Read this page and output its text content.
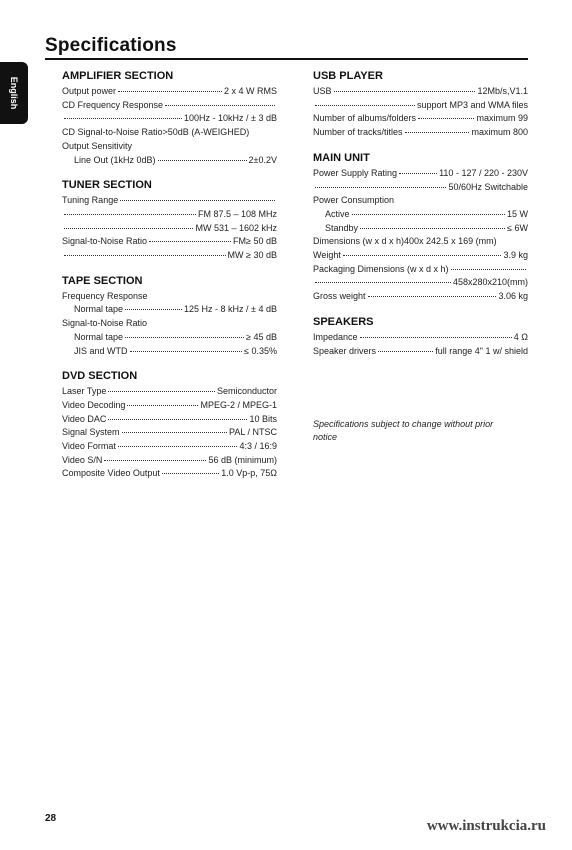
Specifications
English
AMPLIFIER SECTION
Output power	2 x 4 W RMS
CD Frequency Response
100Hz - 10kHz / ± 3 dB
CD Signal-to-Noise Ratio>50dB (A-WEIGHED)
Output Sensitivity
Line Out (1kHz 0dB)	2±0.2V
TUNER SECTION
Tuning Range
FM 87.5 – 108 MHz
MW 531 – 1602 kHz
Signal-to-Noise Ratio	FM≥ 50 dB
MW ≥ 30 dB
TAPE SECTION
Frequency Response
Normal tape	125 Hz - 8 kHz / ± 4 dB
Signal-to-Noise Ratio
Normal tape	≥ 45 dB
JIS and WTD	≤ 0.35%
DVD SECTION
Laser Type	Semiconductor
Video Decoding	MPEG-2 / MPEG-1
Video DAC	10 Bits
Signal System	PAL / NTSC
Video Format	4:3 / 16:9
Video S/N	56 dB (minimum)
Composite Video Output	1.0 Vp-p, 75Ω
USB PLAYER
USB	12Mb/s,V1.1
support MP3 and WMA files
Number of albums/folders	maximum 99
Number of tracks/titles	maximum 800
MAIN UNIT
Power Supply Rating	110 - 127 / 220 - 230V
50/60Hz Switchable
Power Consumption
Active	15 W
Standby	≤ 6W
Dimensions (w x d x h)400x 242.5 x 169 (mm)
Weight	3.9 kg
Packaging Dimensions (w x d x h)
458x280x210(mm)
Gross weight	3.06 kg
SPEAKERS
Impedance	4 Ω
Speaker drivers	full range 4" 1 w/ shield
Specifications subject to change without prior notice
28	www.instrukcia.ru
